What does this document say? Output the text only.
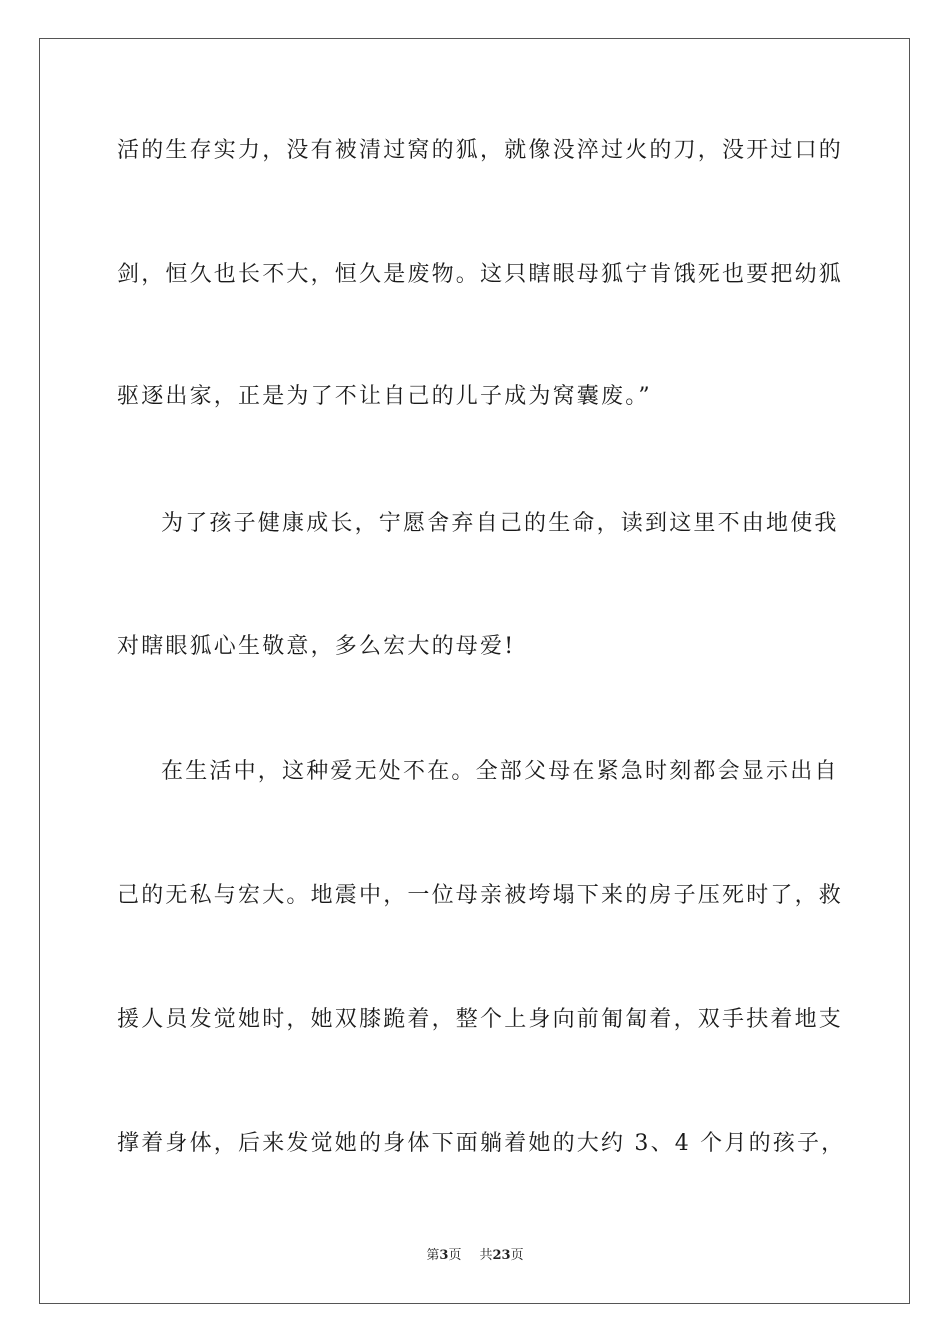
活的生存实力，没有被清过窝的狐，就像没淬过火的刀，没开过口的
剑，恒久也长不大，恒久是废物。这只瞎眼母狐宁肯饿死也要把幼狐
驱逐出家，正是为了不让自己的儿子成为窝囊废。”
为了孩子健康成长，宁愿舍弃自己的生命，读到这里不由地使我
对瞎眼狐心生敬意，多么宏大的母爱!
在生活中，这种爱无处不在。全部父母在紧急时刻都会显示出自
己的无私与宏大。地震中，一位母亲被垮塌下来的房子压死时了，救
援人员发觉她时，她双膝跪着，整个上身向前匍匐着，双手扶着地支
撑着身体，后来发觉她的身体下面躺着她的大约 3、4 个月的孩子，
第3页 共23页
